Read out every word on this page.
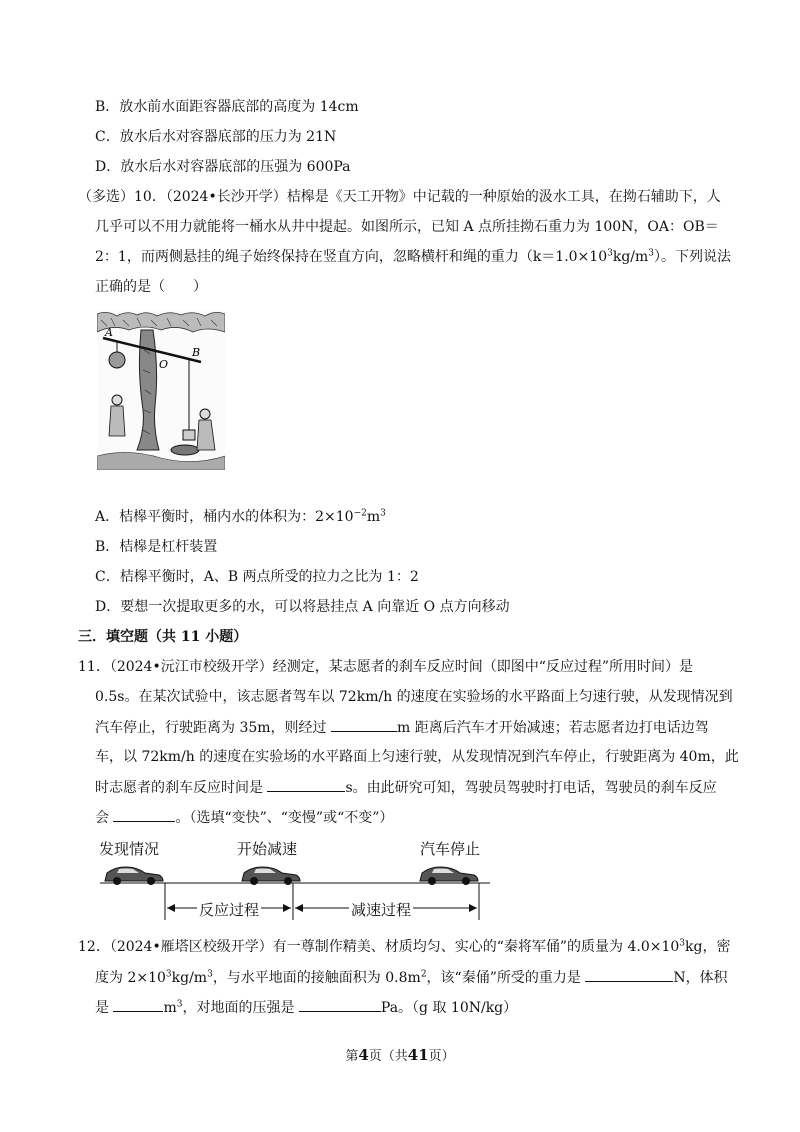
B．放水前水面距容器底部的高度为 14cm
C．放水后水对容器底部的压力为 21N
D．放水后水对容器底部的压强为 600Pa
（多选）10．（2024•长沙开学）桔槔是《天工开物》中记载的一种原始的汲水工具，在拗石辅助下，人
几乎可以不用力就能将一桶水从井中提起。如图所示，已知 A 点所挂拗石重力为 100N，OA：OB＝
2：1，而两侧悬挂的绳子始终保持在竖直方向，忽略横杆和绳的重力$(k=1.0\times 10^3kg/m^3)$。下列说法
正确的是（　　）
A
B
O
A．桔槔平衡时，桶内水的体积为：$2\times 10^{-2}m^3$
B．桔槔是杠杆装置
C．桔槔平衡时，A、B 两点所受的拉力之比为 1：2
D．要想一次提取更多的水，可以将悬挂点 A 向靠近 O 点方向移动
三．填空题（共 11 小题）
11．（2024•沅江市校级开学）经测定，某志愿者的刹车反应时间（即图中“反应过程”所用时间）是
0.5s。在某次试验中，该志愿者驾车以 72km/h 的速度在实验场的水平路面上匀速行驶，从发现情况到
汽车停止，行驶距离为 35m，则经过	m 距离后汽车才开始减速；若志愿者边打电话边驾
车，以 72km/h 的速度在实验场的水平路面上匀速行驶，从发现情况到汽车停止，行驶距离为 40m，此
时志愿者的刹车反应时间是	s。由此研究可知，驾驶员驾驶时打电话，驾驶员的刹车反应
会	。（选填“变快”、“变慢”或“不变”）
发现情况	开始减速	汽车停止
反应过程	减速过程
12．（2024•雁塔区校级开学）有一尊制作精美、材质均匀、实心的“秦将军俑”的质量为 $4.0\times 10^3kg$，密
度为 $2\times 10^3kg/m^3$，与水平地面的接触面积为 $0.8m^2$，该“秦俑”所受的重力是	N，体积
是	$m^3$，对地面的压强是	Pa。（g 取 10N/kg）
第4页（共41页）
